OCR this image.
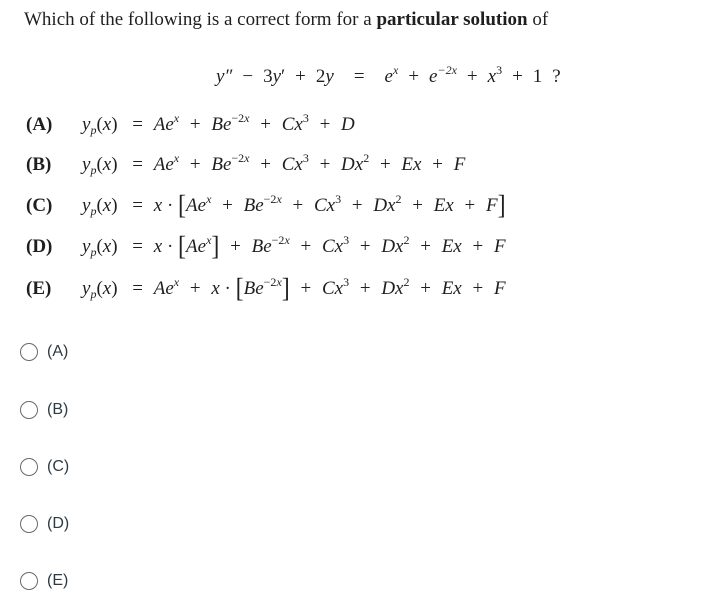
Which of the following is a correct form for a particular solution of
$y'' - 3y' + 2y = e^x + e^{-2x} + x^3 + 1$ ?
(A) $y_p(x) = Ae^x + Be^{-2x} + Cx^3 + D$
(B) $y_p(x) = Ae^x + Be^{-2x} + Cx^3 + Dx^2 + Ex + F$
(C) $y_p(x) = x \cdot [Ae^x + Be^{-2x} + Cx^3 + Dx^2 + Ex + F]$
(D) $y_p(x) = x \cdot [Ae^x] + Be^{-2x} + Cx^3 + Dx^2 + Ex + F$
(E) $y_p(x) = Ae^x + x \cdot [Be^{-2x}] + Cx^3 + Dx^2 + Ex + F$
(A)
(B)
(C)
(D)
(E)
